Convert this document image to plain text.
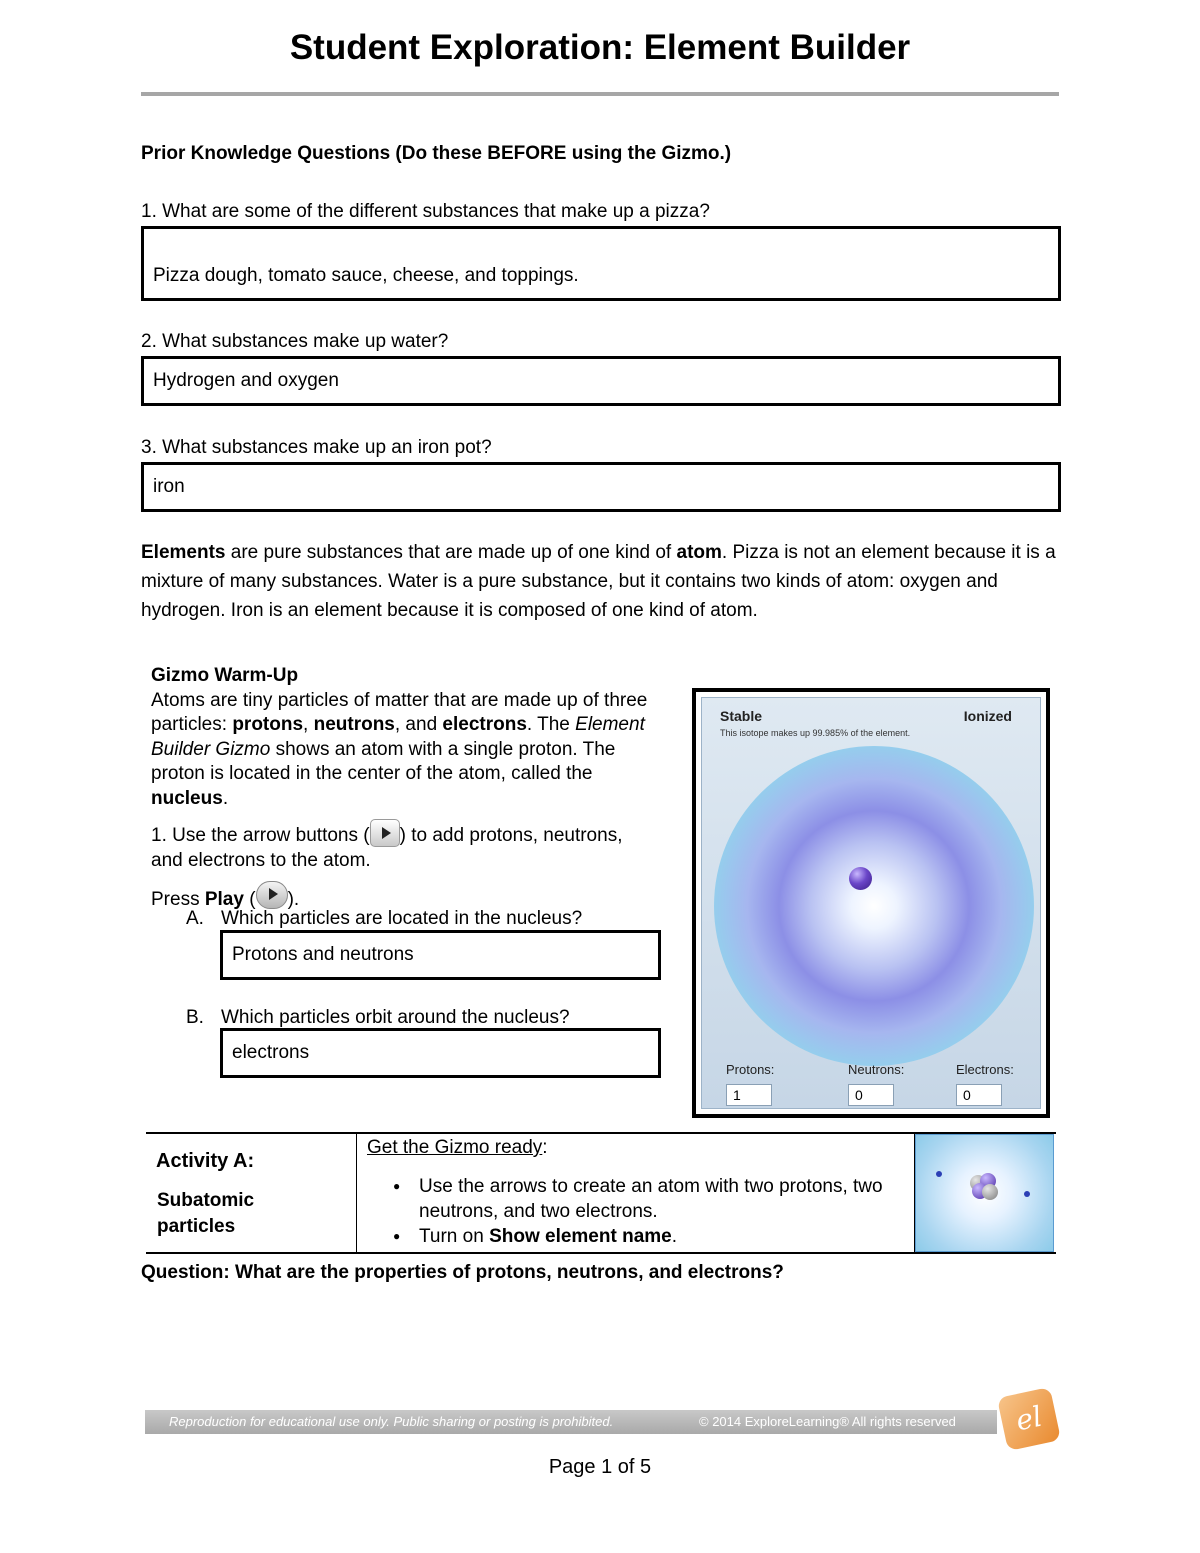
Student Exploration: Element Builder
Prior Knowledge Questions (Do these BEFORE using the Gizmo.)
1. What are some of the different substances that make up a pizza?
Pizza dough, tomato sauce, cheese, and toppings.
2. What substances make up water?
Hydrogen and oxygen
3. What substances make up an iron pot?
iron
Elements are pure substances that are made up of one kind of atom. Pizza is not an element because it is a mixture of many substances. Water is a pure substance, but it contains two kinds of atom: oxygen and hydrogen. Iron is an element because it is composed of one kind of atom.
Gizmo Warm-Up
Atoms are tiny particles of matter that are made up of three particles: protons, neutrons, and electrons. The Element Builder Gizmo shows an atom with a single proton. The proton is located in the center of the atom, called the nucleus.
1. Use the arrow buttons ( ) to add protons, neutrons, and electrons to the atom.
Press Play ( ).
A. Which particles are located in the nucleus?
Protons and neutrons
B. Which particles orbit around the nucleus?
electrons
Stable	Ionized
This isotope makes up 99.985% of the element.
Protons:	Neutrons:	Electrons:
1	0	0
Activity A:
Subatomic
particles
Get the Gizmo ready:
● Use the arrows to create an atom with two protons, two neutrons, and two electrons.
● Turn on Show element name.
Question: What are the properties of protons, neutrons, and electrons?
Reproduction for educational use only. Public sharing or posting is prohibited.	© 2014 ExploreLearning® All rights reserved	el
Page 1 of 5
